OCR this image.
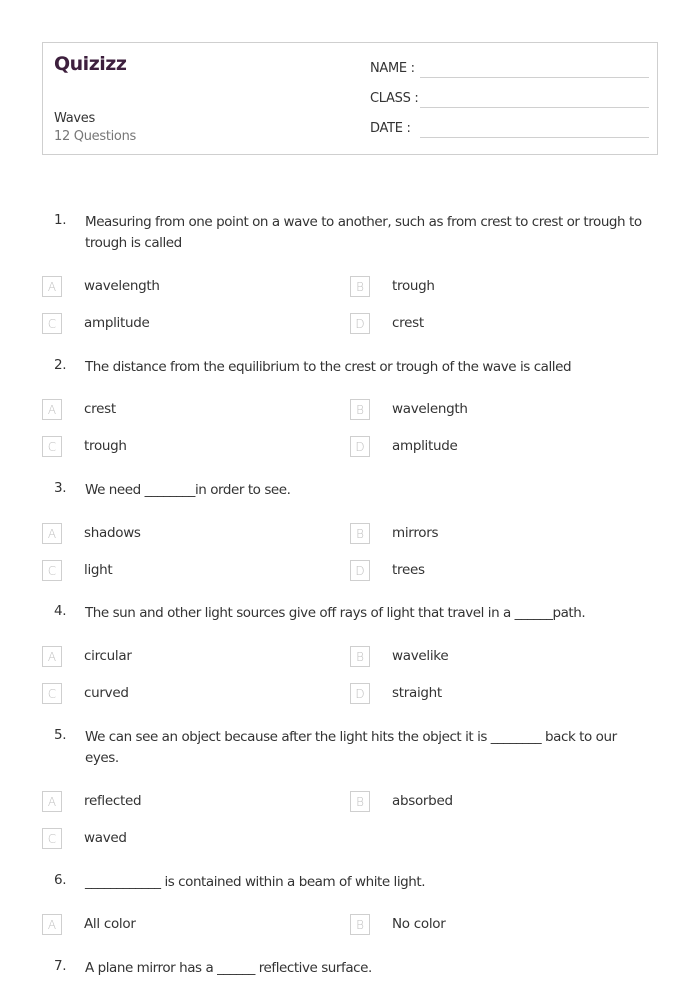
Quizizz
Waves
12 Questions
NAME :
CLASS :
DATE :
1. Measuring from one point on a wave to another, such as from crest to crest or trough to trough is called
A	wavelength	B	trough
C	amplitude	D	crest
2. The distance from the equilibrium to the crest or trough of the wave is called
A	crest	B	wavelength
C	trough	D	amplitude
3. We need ________in order to see.
A	shadows	B	mirrors
C	light	D	trees
4. The sun and other light sources give off rays of light that travel in a ______path.
A	circular	B	wavelike
C	curved	D	straight
5. We can see an object because after the light hits the object it is ________ back to our eyes.
A	reflected	B	absorbed
C	waved
6. ____________ is contained within a beam of white light.
A	All color	B	No color
7. A plane mirror has a ______ reflective surface.
